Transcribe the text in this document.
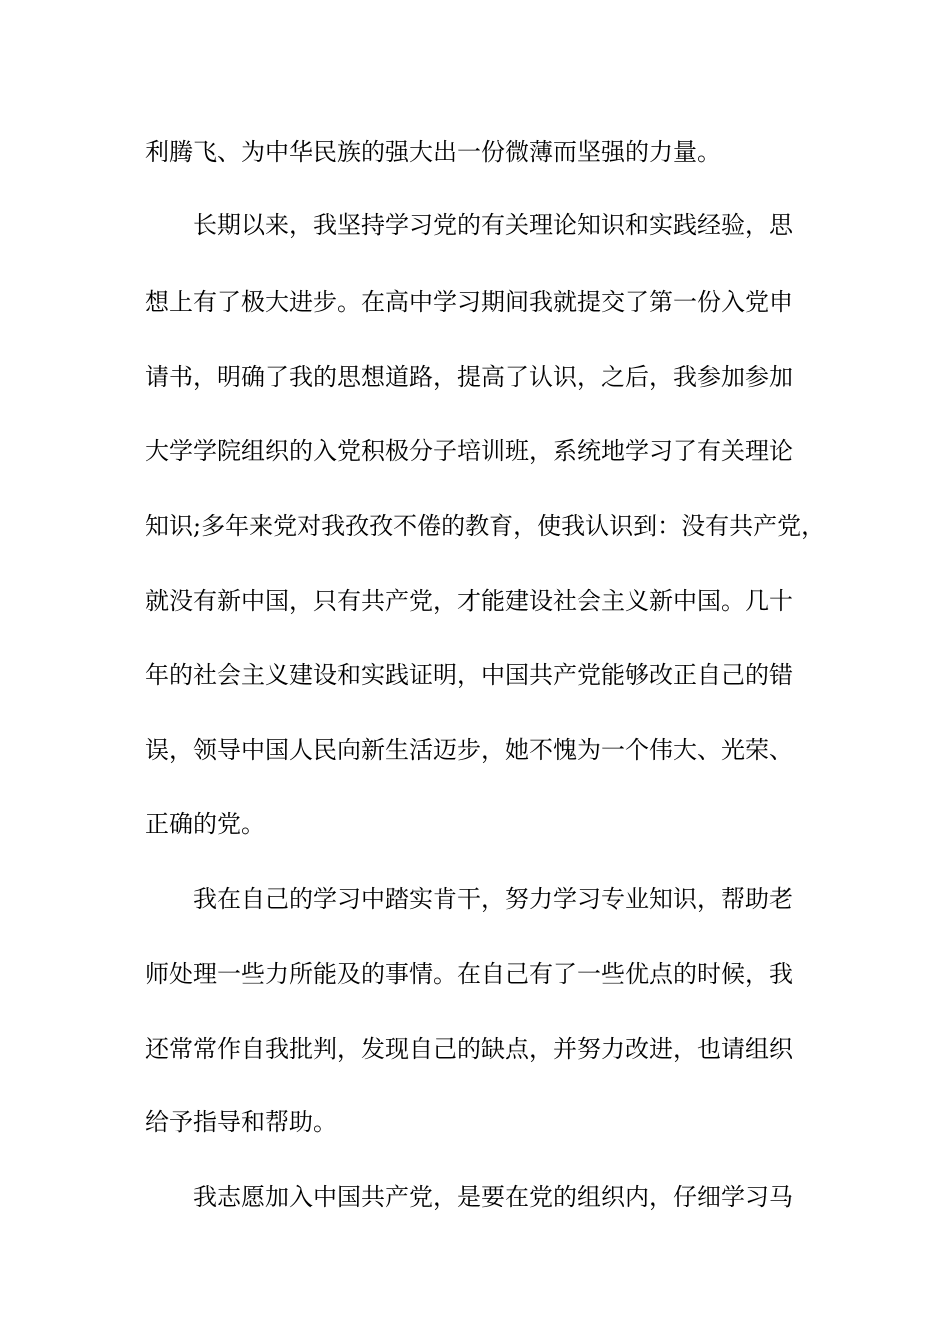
利腾飞、为中华民族的强大出一份微薄而坚强的力量。
长期以来，我坚持学习党的有关理论知识和实践经验，思
想上有了极大进步。在高中学习期间我就提交了第一份入党申
请书，明确了我的思想道路，提高了认识，之后，我参加参加
大学学院组织的入党积极分子培训班，系统地学习了有关理论
知识;多年来党对我孜孜不倦的教育，使我认识到：没有共产党，
就没有新中国，只有共产党，才能建设社会主义新中国。几十
年的社会主义建设和实践证明，中国共产党能够改正自己的错
误，领导中国人民向新生活迈步，她不愧为一个伟大、光荣、
正确的党。
我在自己的学习中踏实肯干，努力学习专业知识，帮助老
师处理一些力所能及的事情。在自己有了一些优点的时候，我
还常常作自我批判，发现自己的缺点，并努力改进，也请组织
给予指导和帮助。
我志愿加入中国共产党，是要在党的组织内，仔细学习马
